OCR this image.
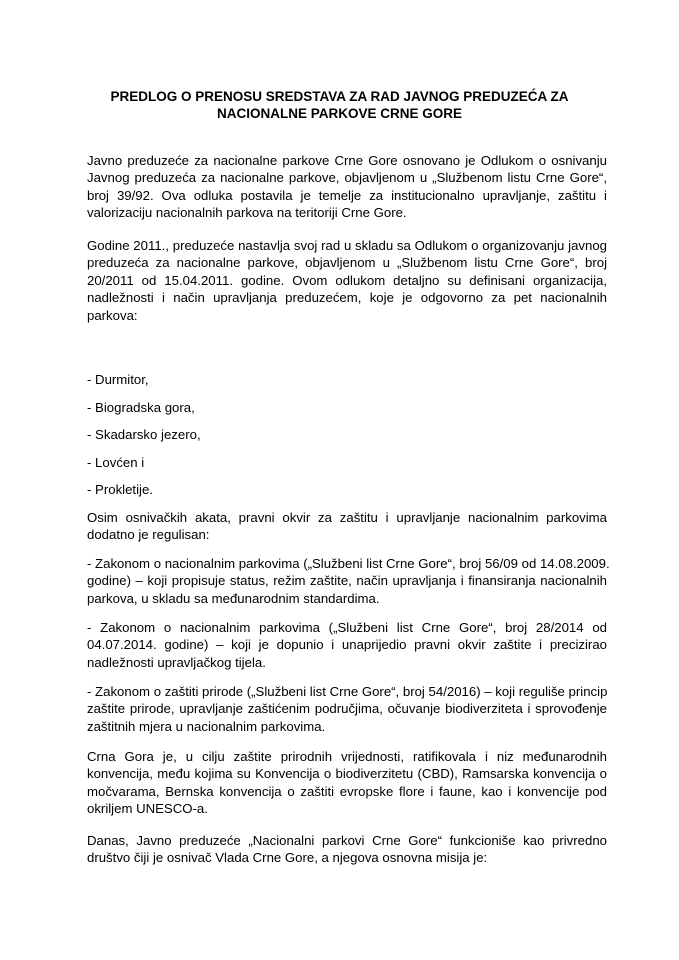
PREDLOG O PRENOSU SREDSTAVA ZA RAD JAVNOG PREDUZEĆA ZA
NACIONALNE PARKOVE CRNE GORE
Javno preduzeće za nacionalne parkove Crne Gore osnovano je Odlukom o osnivanju
Javnog preduzeća za nacionalne parkove, objavljenom u „Službenom listu Crne Gore“,
broj 39/92. Ova odluka postavila je temelje za institucionalno upravljanje, zaštitu i
valorizaciju nacionalnih parkova na teritoriji Crne Gore.
Godine 2011., preduzeće nastavlja svoj rad u skladu sa Odlukom o organizovanju javnog
preduzeća za nacionalne parkove, objavljenom u „Službenom listu Crne Gore“, broj
20/2011 od 15.04.2011. godine. Ovom odlukom detaljno su definisani organizacija,
nadležnosti i način upravljanja preduzećem, koje je odgovorno za pet nacionalnih
parkova:
- Durmitor,
- Biogradska gora,
- Skadarsko jezero,
- Lovćen i
- Prokletije.
Osim osnivačkih akata, pravni okvir za zaštitu i upravljanje nacionalnim parkovima
dodatno je regulisan:
- Zakonom o nacionalnim parkovima („Službeni list Crne Gore“, broj 56/09 od 14.08.2009.
godine) – koji propisuje status, režim zaštite, način upravljanja i finansiranja nacionalnih
parkova, u skladu sa međunarodnim standardima.
- Zakonom o nacionalnim parkovima („Službeni list Crne Gore“, broj 28/2014 od
04.07.2014. godine) – koji je dopunio i unaprijedio pravni okvir zaštite i precizirao
nadležnosti upravljačkog tijela.
- Zakonom o zaštiti prirode („Službeni list Crne Gore“, broj 54/2016) – koji reguliše princip
zaštite prirode, upravljanje zaštićenim područjima, očuvanje biodiverziteta i sprovođenje
zaštitnih mjera u nacionalnim parkovima.
Crna Gora je, u cilju zaštite prirodnih vrijednosti, ratifikovala i niz međunarodnih
konvencija, među kojima su Konvencija o biodiverzitetu (CBD), Ramsarska konvencija o
močvarama, Bernska konvencija o zaštiti evropske flore i faune, kao i konvencije pod
okriljem UNESCO-a.
Danas, Javno preduzeće „Nacionalni parkovi Crne Gore“ funkcioniše kao privredno
društvo čiji je osnivač Vlada Crne Gore, a njegova osnovna misija je:
